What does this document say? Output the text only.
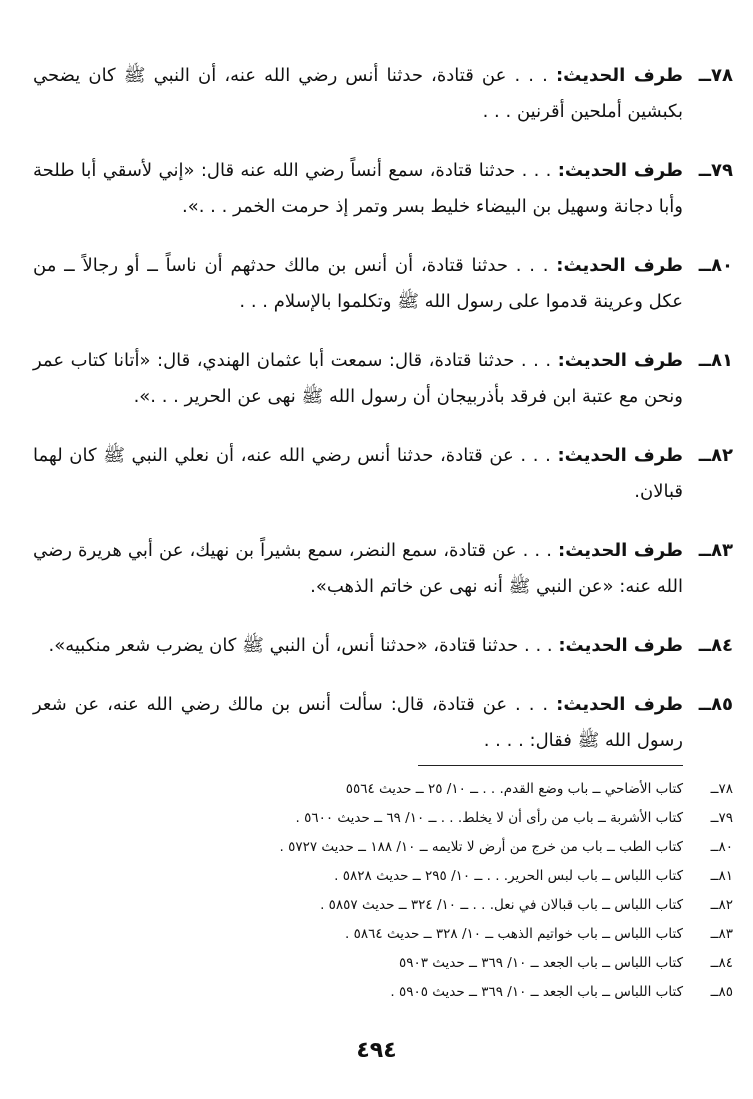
٧٨ــ
طرف الحديث: . . . عن قتادة، حدثنا أنس رضي الله عنه، أن النبي ﷺ كان يضحي بكبشين أملحين أقرنين . . .
٧٩ــ
طرف الحديث: . . . حدثنا قتادة، سمع أنساً رضي الله عنه قال: «إني لأسقي أبا طلحة وأبا دجانة وسهيل بن البيضاء خليط بسر وتمر إذ حرمت الخمر . . .».
٨٠ــ
طرف الحديث: . . . حدثنا قتادة، أن أنس بن مالك حدثهم أن ناساً ــ أو رجالاً ــ من عكل وعرينة قدموا على رسول الله ﷺ وتكلموا بالإسلام . . .
٨١ــ
طرف الحديث: . . . حدثنا قتادة، قال: سمعت أبا عثمان الهندي، قال: «أتانا كتاب عمر ونحن مع عتبة ابن فرقد بأذربيجان أن رسول الله ﷺ نهى عن الحرير . . .».
٨٢ــ
طرف الحديث: . . . عن قتادة، حدثنا أنس رضي الله عنه، أن نعلي النبي ﷺ كان لهما قبالان.
٨٣ــ
طرف الحديث: . . . عن قتادة، سمع النضر، سمع بشيراً بن نهيك، عن أبي هريرة رضي الله عنه: «عن النبي ﷺ أنه نهى عن خاتم الذهب».
٨٤ــ
طرف الحديث: . . . حدثنا قتادة، «حدثنا أنس، أن النبي ﷺ كان يضرب شعر منكبيه».
٨٥ــ
طرف الحديث: . . . عن قتادة، قال: سألت أنس بن مالك رضي الله عنه، عن شعر رسول الله ﷺ فقال: . . . .
٧٨ــ
كتاب الأضاحي ــ باب وضع القدم. . . ــ ١٠/ ٢٥ ــ حديث ٥٥٦٤
٧٩ــ
كتاب الأشربة ــ باب من رأى أن لا يخلط. . . ــ ١٠/ ٦٩ ــ حديث ٥٦٠٠ .
٨٠ــ
كتاب الطب ــ باب من خرج من أرض لا تلايمه ــ ١٠/ ١٨٨ ــ حديث ٥٧٢٧ .
٨١ــ
كتاب اللباس ــ باب لبس الحرير. . . ــ ١٠/ ٢٩٥ ــ حديث ٥٨٢٨ .
٨٢ــ
كتاب اللباس ــ باب قبالان في نعل. . . ــ ١٠/ ٣٢٤ ــ حديث ٥٨٥٧ .
٨٣ــ
كتاب اللباس ــ باب خواتيم الذهب ــ ١٠/ ٣٢٨ ــ حديث ٥٨٦٤ .
٨٤ــ
كتاب اللباس ــ باب الجعد ــ ١٠/ ٣٦٩ ــ حديث ٥٩٠٣
٨٥ــ
كتاب اللباس ــ باب الجعد ــ ١٠/ ٣٦٩ ــ حديث ٥٩٠٥ .
٤٩٤
